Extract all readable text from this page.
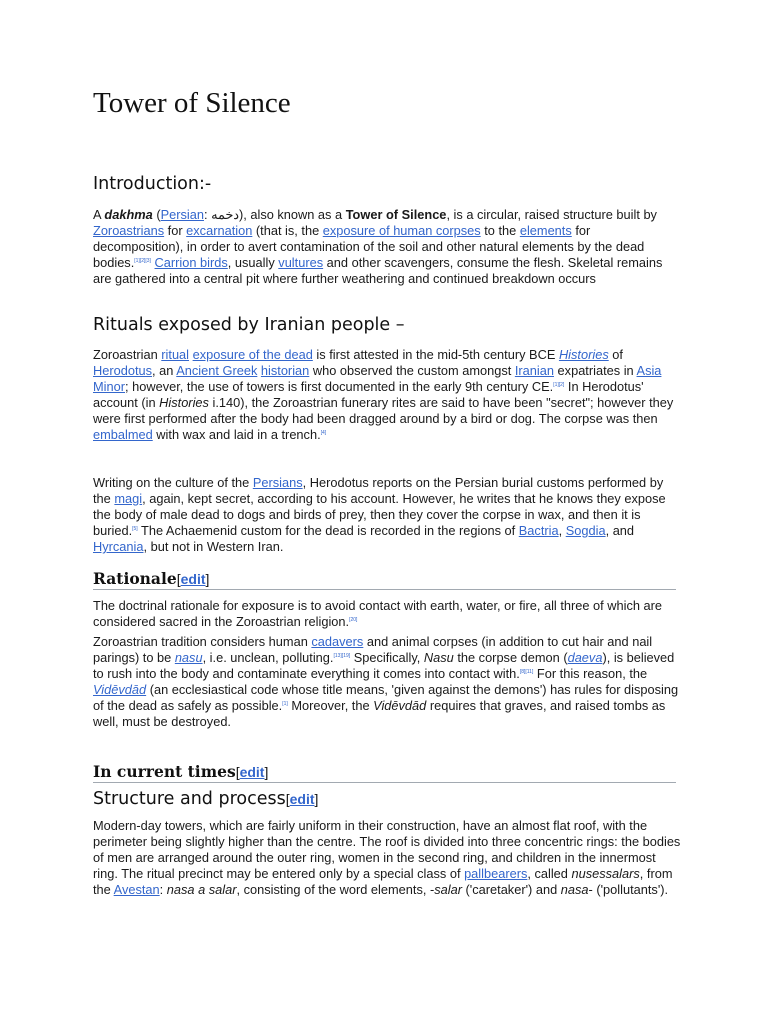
Tower of Silence
Introduction:-

A dakhma (Persian: دخمه), also known as a Tower of Silence, is a circular, raised structure built by Zoroastrians for excarnation (that is, the exposure of human corpses to the elements for decomposition), in order to avert contamination of the soil and other natural elements by the dead bodies.[1][2][3] Carrion birds, usually vultures and other scavengers, consume the flesh. Skeletal remains are gathered into a central pit where further weathering and continued breakdown occurs

Rituals exposed by Iranian people –

Zoroastrian ritual exposure of the dead is first attested in the mid-5th century BCE Histories of Herodotus, an Ancient Greek historian who observed the custom amongst Iranian expatriates in Asia Minor; however, the use of towers is first documented in the early 9th century CE.[1][2] In Herodotus' account (in Histories i.140), the Zoroastrian funerary rites are said to have been "secret"; however they were first performed after the body had been dragged around by a bird or dog. The corpse was then embalmed with wax and laid in a trench.[4]

Writing on the culture of the Persians, Herodotus reports on the Persian burial customs performed by the magi, again, kept secret, according to his account. However, he writes that he knows they expose the body of male dead to dogs and birds of prey, then they cover the corpse in wax, and then it is buried.[5] The Achaemenid custom for the dead is recorded in the regions of Bactria, Sogdia, and Hyrcania, but not in Western Iran.

Rationale[edit]

The doctrinal rationale for exposure is to avoid contact with earth, water, or fire, all three of which are considered sacred in the Zoroastrian religion.[20]

Zoroastrian tradition considers human cadavers and animal corpses (in addition to cut hair and nail parings) to be nasu, i.e. unclean, polluting.[13][19] Specifically, Nasu the corpse demon (daeva), is believed to rush into the body and contaminate everything it comes into contact with.[8][11] For this reason, the Vidēvdād (an ecclesiastical code whose title means, 'given against the demons') has rules for disposing of the dead as safely as possible.[1] Moreover, the Vidēvdād requires that graves, and raised tombs as well, must be destroyed.

In current times[edit]
Structure and process[edit]

Modern-day towers, which are fairly uniform in their construction, have an almost flat roof, with the perimeter being slightly higher than the centre. The roof is divided into three concentric rings: the bodies of men are arranged around the outer ring, women in the second ring, and children in the innermost ring. The ritual precinct may be entered only by a special class of pallbearers, called nusessalars, from the Avestan: nasa a salar, consisting of the word elements, -salar ('caretaker') and nasa- ('pollutants').
